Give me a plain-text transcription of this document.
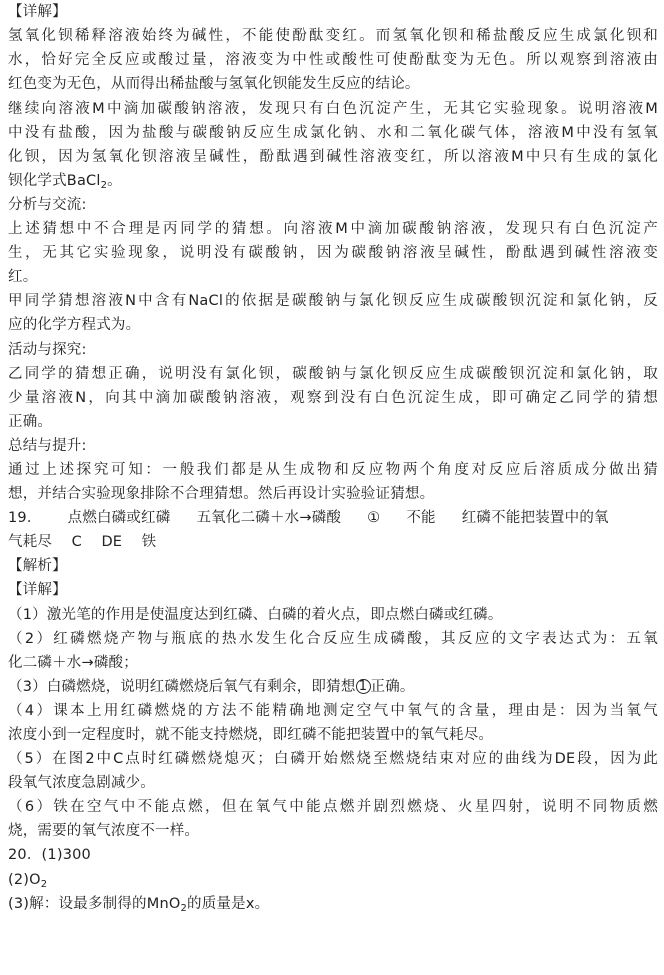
【详解】
氢氧化钡稀释溶液始终为碱性，不能使酚酞变红。而氢氧化钡和稀盐酸反应生成氯化钡和
水，恰好完全反应或酸过量，溶液变为中性或酸性可使酚酞变为无色。所以观察到溶液由
红色变为无色，从而得出稀盐酸与氢氧化钡能发生反应的结论。
继续向溶液M中滴加碳酸钠溶液，发现只有白色沉淀产生，无其它实验现象。说明溶液M
中没有盐酸，因为盐酸与碳酸钠反应生成氯化钠、水和二氧化碳气体，溶液M中没有氢氧
化钡，因为氢氧化钡溶液呈碱性，酚酞遇到碱性溶液变红，所以溶液M中只有生成的氯化
钡化学式BaCl$_2$。
分析与交流:
上述猜想中不合理是丙同学的猜想。向溶液M中滴加碳酸钠溶液，发现只有白色沉淀产
生，无其它实验现象，说明没有碳酸钠，因为碳酸钠溶液呈碱性，酚酞遇到碱性溶液变
红。
甲同学猜想溶液N中含有NaCl的依据是碳酸钠与氯化钡反应生成碳酸钡沉淀和氯化钠，反
应的化学方程式为。
活动与探究:
乙同学的猜想正确，说明没有氯化钡，碳酸钠与氯化钡反应生成碳酸钡沉淀和氯化钠，取
少量溶液N，向其中滴加碳酸钠溶液，观察到没有白色沉淀生成，即可确定乙同学的猜想
正确。
总结与提升:
通过上述探究可知：一般我们都是从生成物和反应物两个角度对反应后溶质成分做出猜
想，并结合实验现象排除不合理猜想。然后再设计实验验证猜想。
19． 点燃白磷或红磷 五氧化二磷＋水→磷酸 ① 不能 红磷不能把装置中的氧
气耗尽　 C　 DE　 铁
【解析】
【详解】
（1）激光笔的作用是使温度达到红磷、白磷的着火点，即点燃白磷或红磷。
（2）红磷燃烧产物与瓶底的热水发生化合反应生成磷酸，其反应的文字表达式为：五氧
化二磷＋水→磷酸；
（3）白磷燃烧，说明红磷燃烧后氧气有剩余，即猜想 1 正确。
（4）课本上用红磷燃烧的方法不能精确地测定空气中氧气的含量，理由是：因为当氧气
浓度小到一定程度时，就不能支持燃烧，即红磷不能把装置中的氧气耗尽。
（5）在图2中C点时红磷燃烧熄灭；白磷开始燃烧至燃烧结束对应的曲线为DE段，因为此
段氧气浓度急剧减少。
（6）铁在空气中不能点燃，但在氧气中能点燃并剧烈燃烧、火星四射，说明不同物质燃
烧，需要的氧气浓度不一样。
20．(1)300
$(2)O_2$
(3)解：设最多制得的MnO$_2$的质量是x。
